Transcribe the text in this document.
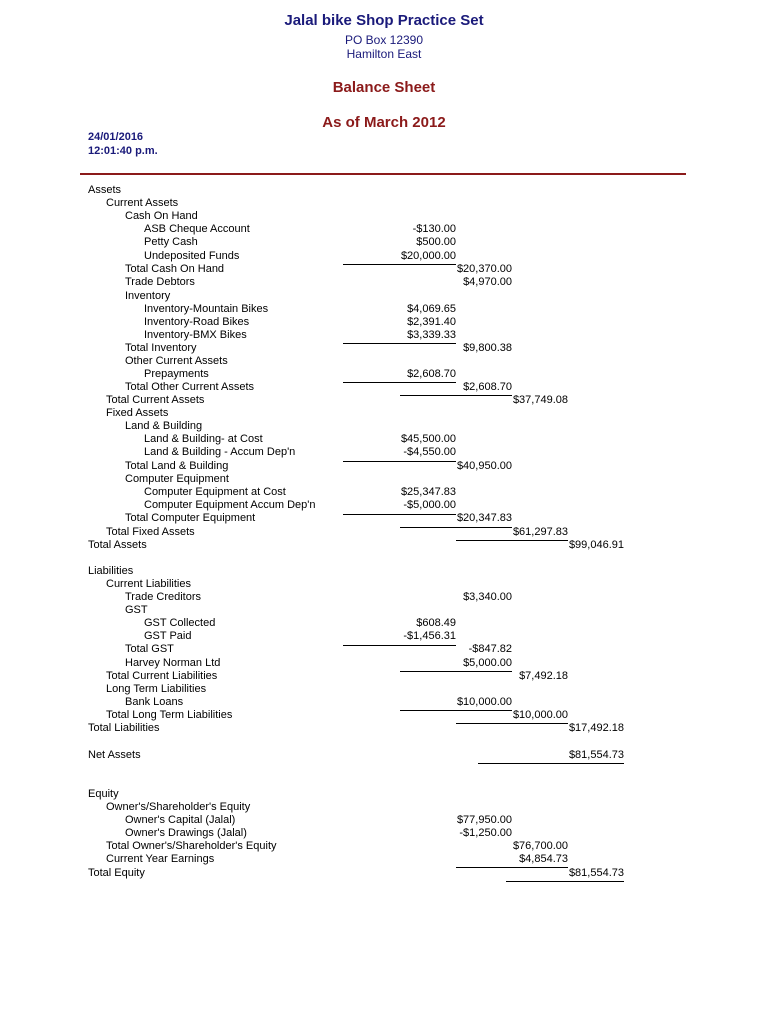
Jalal bike Shop Practice Set
PO Box 12390
Hamilton East
Balance Sheet
As of March 2012
24/01/2016
12:01:40 p.m.
Assets
Current Assets
Cash On Hand
ASB Cheque Account	-$130.00
Petty Cash	$500.00
Undeposited Funds	$20,000.00
Total Cash On Hand	$20,370.00
Trade Debtors	$4,970.00
Inventory
Inventory-Mountain Bikes	$4,069.65
Inventory-Road Bikes	$2,391.40
Inventory-BMX Bikes	$3,339.33
Total Inventory	$9,800.38
Other Current Assets
Prepayments	$2,608.70
Total Other Current Assets	$2,608.70
Total Current Assets	$37,749.08
Fixed Assets
Land & Building
Land & Building- at Cost	$45,500.00
Land & Building - Accum Dep'n	-$4,550.00
Total Land & Building	$40,950.00
Computer Equipment
Computer Equipment at Cost	$25,347.83
Computer Equipment Accum Dep'n	-$5,000.00
Total Computer Equipment	$20,347.83
Total Fixed Assets	$61,297.83
Total Assets	$99,046.91
Liabilities
Current Liabilities
Trade Creditors	$3,340.00
GST
GST Collected	$608.49
GST Paid	-$1,456.31
Total GST	-$847.82
Harvey Norman Ltd	$5,000.00
Total Current Liabilities	$7,492.18
Long Term Liabilities
Bank Loans	$10,000.00
Total Long Term Liabilities	$10,000.00
Total Liabilities	$17,492.18
Net Assets	$81,554.73
Equity
Owner's/Shareholder's Equity
Owner's Capital (Jalal)	$77,950.00
Owner's Drawings (Jalal)	-$1,250.00
Total Owner's/Shareholder's Equity	$76,700.00
Current Year Earnings	$4,854.73
Total Equity	$81,554.73
